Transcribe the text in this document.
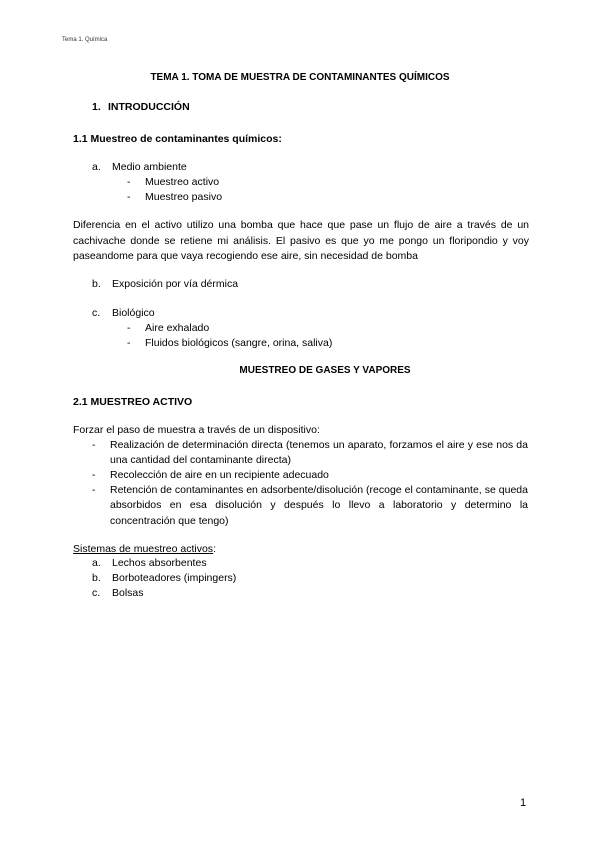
Tema 1. Química
TEMA 1. TOMA DE MUESTRA DE CONTAMINANTES QUÍMICOS
1. INTRODUCCIÓN
1.1 Muestreo de contaminantes químicos:
a. Medio ambiente
- Muestreo activo
- Muestreo pasivo
Diferencia en el activo utilizo una bomba que hace que pase un flujo de aire a través de un cachivache donde se retiene mi análisis. El pasivo es que yo me pongo un floripondio y voy paseandome para que vaya recogiendo ese aire, sin necesidad de bomba
b. Exposición por vía dérmica
c. Biológico
- Aire exhalado
- Fluidos biológicos (sangre, orina, saliva)
MUESTREO DE GASES Y VAPORES
2.1 MUESTREO ACTIVO
Forzar el paso de muestra a través de un dispositivo:
- Realización de determinación directa (tenemos un aparato, forzamos el aire y ese nos da una cantidad del contaminante directa)
- Recolección de aire en un recipiente adecuado
- Retención de contaminantes en adsorbente/disolución (recoge el contaminante, se queda absorbidos en esa disolución y después lo llevo a laboratorio y determino la concentración que tengo)
Sistemas de muestreo activos:
a. Lechos absorbentes
b. Borboteadores (impingers)
c. Bolsas
1
